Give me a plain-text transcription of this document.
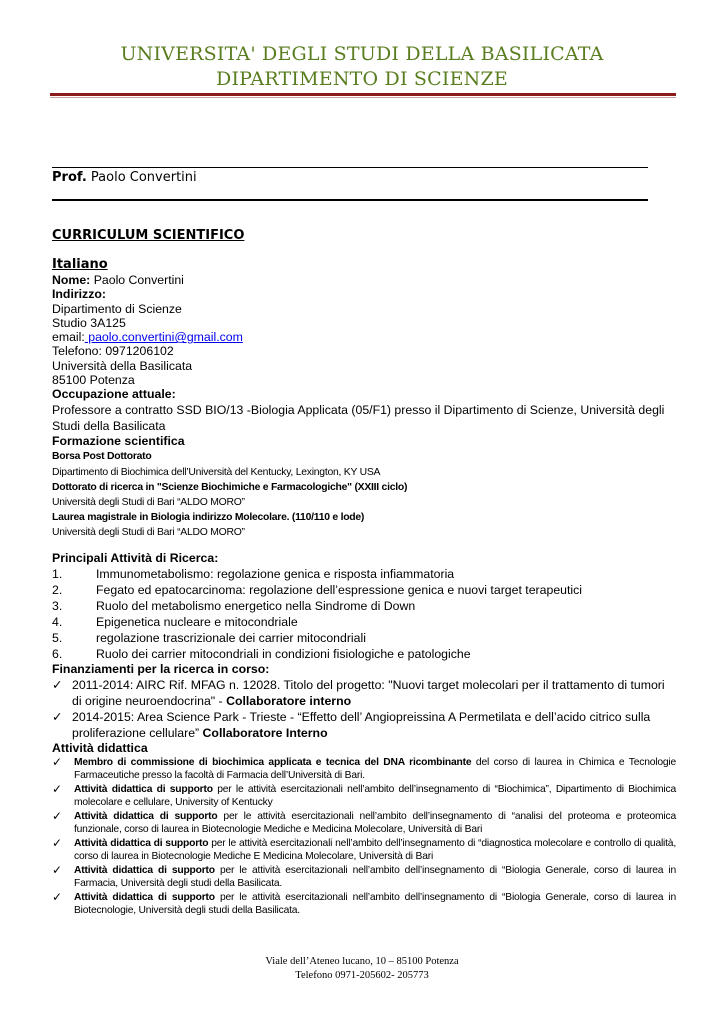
UNIVERSITA' DEGLI STUDI DELLA BASILICATA
DIPARTIMENTO DI SCIENZE
Prof. Paolo Convertini
CURRICULUM SCIENTIFICO
Italiano
Nome: Paolo Convertini
Indirizzo:
Dipartimento di Scienze
Studio 3A125
email: paolo.convertini@gmail.com
Telefono: 0971206102
Università della Basilicata
85100 Potenza
Occupazione attuale:
Professore a contratto SSD BIO/13 -Biologia Applicata (05/F1) presso il Dipartimento di Scienze, Università degli Studi della Basilicata
Formazione scientifica
Borsa Post Dottorato
Dipartimento di Biochimica dell’Università del Kentucky, Lexington, KY USA
Dottorato di ricerca in "Scienze Biochimiche e Farmacologiche" (XXIII ciclo)
Università degli Studi di Bari “ALDO MORO”
Laurea magistrale in Biologia indirizzo Molecolare. (110/110 e lode)
Università degli Studi di Bari “ALDO MORO”
Principali Attività di Ricerca:
1.	Immunometabolismo: regolazione genica e risposta infiammatoria
2.	Fegato ed epatocarcinoma: regolazione dell’espressione genica e nuovi target terapeutici
3.	Ruolo del metabolismo energetico nella Sindrome di Down
4.	Epigenetica nucleare e mitocondriale
5.	regolazione trascrizionale dei carrier mitocondriali
6.	Ruolo dei carrier mitocondriali in condizioni fisiologiche e patologiche
Finanziamenti per la ricerca in corso:
✓ 2011-2014: AIRC Rif. MFAG n. 12028. Titolo del progetto: "Nuovi target molecolari per il trattamento di tumori di origine neuroendocrina" - Collaboratore interno
✓ 2014-2015: Area Science Park - Trieste - “Effetto dell’ Angiopreissina A Permetilata e dell’acido citrico sulla proliferazione cellulare” Collaboratore Interno
Attività didattica
✓	Membro di commissione di biochimica applicata e tecnica del DNA ricombinante del corso di laurea in Chimica e Tecnologie Farmaceutiche presso la facoltà di Farmacia dell’Università di Bari.
✓	Attività didattica di supporto per le attività esercitazionali nell’ambito dell’insegnamento di “Biochimica”, Dipartimento di Biochimica molecolare e cellulare, University of Kentucky
✓	Attività didattica di supporto per le attività esercitazionali nell’ambito dell’insegnamento di “analisi del proteoma e proteomica funzionale, corso di laurea in Biotecnologie Mediche e Medicina Molecolare, Università di Bari
✓	Attività didattica di supporto per le attività esercitazionali nell’ambito dell’insegnamento di “diagnostica molecolare e controllo di qualità, corso di laurea in Biotecnologie Mediche E Medicina Molecolare, Università di Bari
✓	Attività didattica di supporto per le attività esercitazionali nell’ambito dell’insegnamento di “Biologia Generale, corso di laurea in Farmacia, Università degli studi della Basilicata.
✓	Attività didattica di supporto per le attività esercitazionali nell’ambito dell’insegnamento di “Biologia Generale, corso di laurea in Biotecnologie, Università degli studi della Basilicata.
Viale dell’Ateneo lucano, 10 – 85100 Potenza
Telefono 0971-205602- 205773
